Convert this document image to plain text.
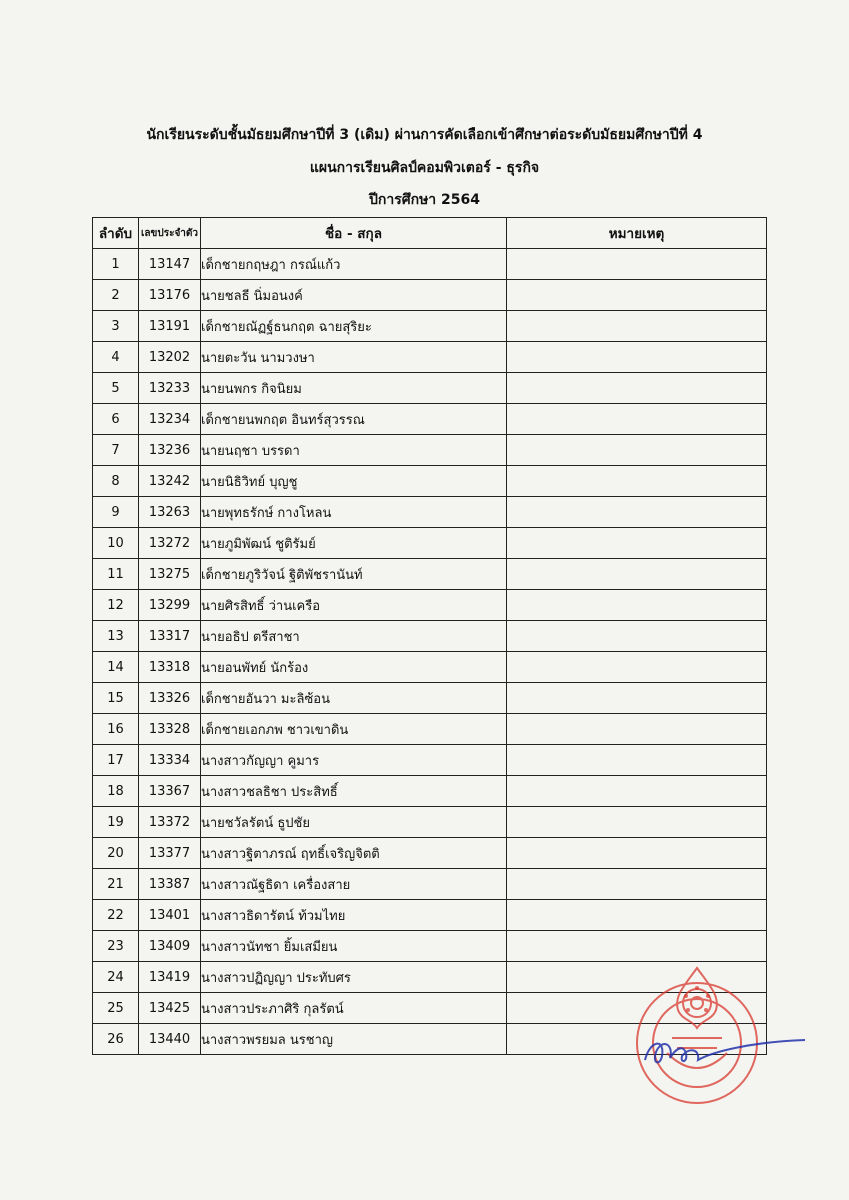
นักเรียนระดับชั้นมัธยมศึกษาปีที่ 3 (เดิม) ผ่านการคัดเลือกเข้าศึกษาต่อระดับมัธยมศึกษาปีที่ 4
แผนการเรียนศิลป์คอมพิวเตอร์ - ธุรกิจ
ปีการศึกษา 2564
ลำดับ	เลขประจำตัว	ชื่อ - สกุล	หมายเหตุ
1	13147	เด็กชายกฤษฎา กรณ์แก้ว	
2	13176	นายชลธี นิ่มอนงค์	
3	13191	เด็กชายณัฏฐ์ธนกฤต ฉายสุริยะ	
4	13202	นายตะวัน นามวงษา	
5	13233	นายนพกร กิจนิยม	
6	13234	เด็กชายนพกฤต อินทร์สุวรรณ	
7	13236	นายนฤชา บรรดา	
8	13242	นายนิธิวิทย์ บุญชู	
9	13263	นายพุทธรักษ์ กางโหลน	
10	13272	นายภูมิพัฒน์ ชูติรัมย์	
11	13275	เด็กชายภูริวัจน์ ฐิติพัชรานันท์	
12	13299	นายศิรสิทธิ์ ว่านเครือ	
13	13317	นายอธิป ตรีสาชา	
14	13318	นายอนพัทย์ นักร้อง	
15	13326	เด็กชายอันวา มะลิซ้อน	
16	13328	เด็กชายเอกภพ ชาวเขาดิน	
17	13334	นางสาวกัญญา คูมาร	
18	13367	นางสาวชลธิชา ประสิทธิ์	
19	13372	นายชวัลรัตน์ ธูปชัย	
20	13377	นางสาวฐิตาภรณ์ ฤทธิ์เจริญจิตติ	
21	13387	นางสาวณัฐธิดา เครื่องสาย	
22	13401	นางสาวธิดารัตน์ ท้วมไทย	
23	13409	นางสาวนัทชา ยิ้มเสมียน	
24	13419	นางสาวปฏิญญา ประทับศร	
25	13425	นางสาวประภาศิริ กุลรัตน์	
26	13440	นางสาวพรยมล นรชาญ	
